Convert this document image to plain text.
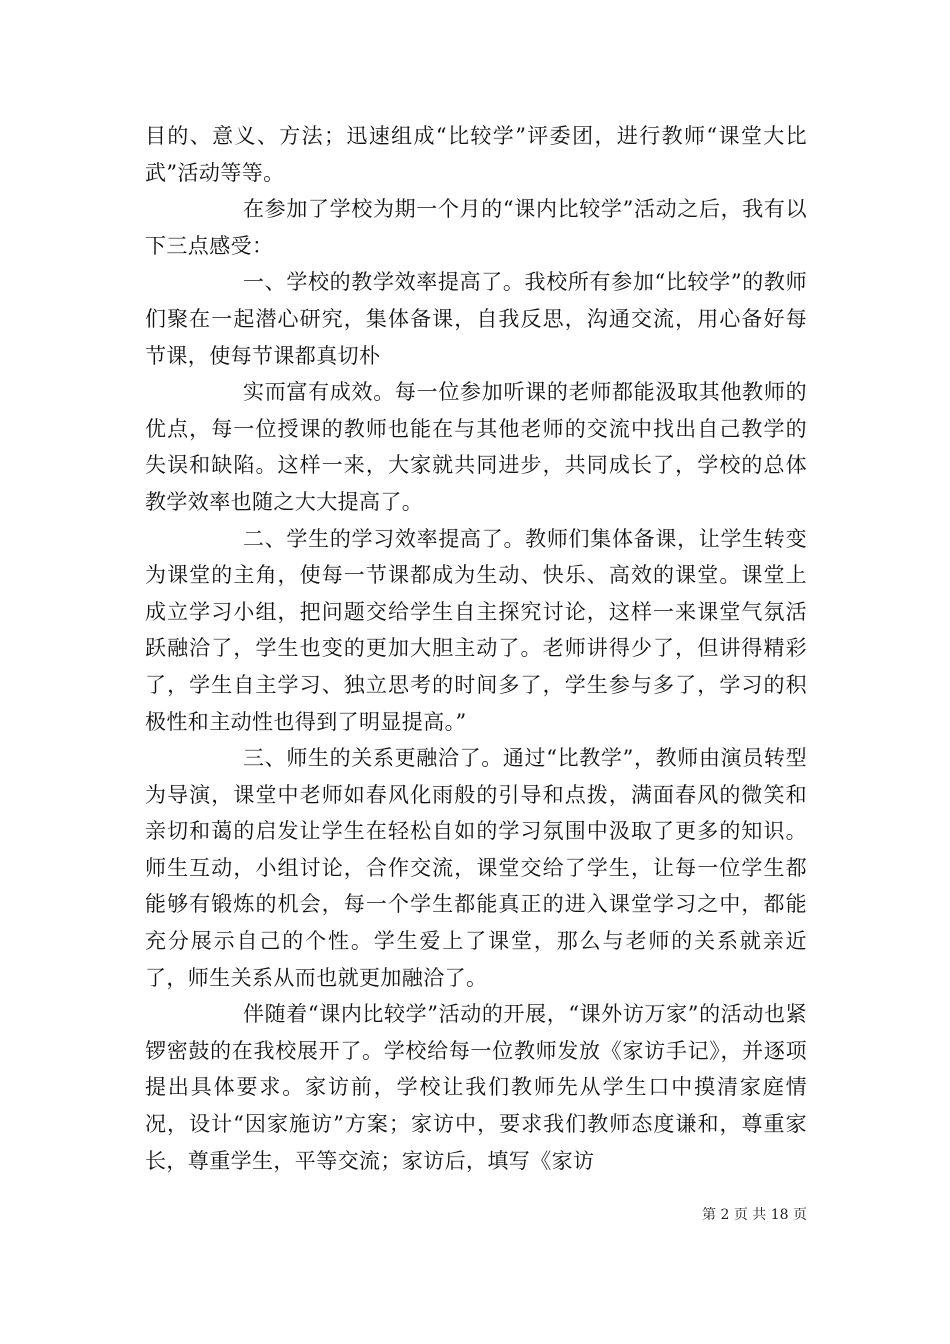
目的、意义、方法；迅速组成“比较学”评委团，进行教师“课堂大比武”活动等等。

在参加了学校为期一个月的“课内比较学”活动之后，我有以下三点感受：

一、学校的教学效率提高了。我校所有参加“比较学”的教师们聚在一起潜心研究，集体备课，自我反思，沟通交流，用心备好每节课，使每节课都真切朴

实而富有成效。每一位参加听课的老师都能汲取其他教师的优点，每一位授课的教师也能在与其他老师的交流中找出自己教学的失误和缺陷。这样一来，大家就共同进步，共同成长了，学校的总体教学效率也随之大大提高了。

二、学生的学习效率提高了。教师们集体备课，让学生转变为课堂的主角，使每一节课都成为生动、快乐、高效的课堂。课堂上成立学习小组，把问题交给学生自主探究讨论，这样一来课堂气氛活跃融洽了，学生也变的更加大胆主动了。老师讲得少了，但讲得精彩了，学生自主学习、独立思考的时间多了，学生参与多了，学习的积极性和主动性也得到了明显提高。”

三、师生的关系更融洽了。通过“比教学”，教师由演员转型为导演，课堂中老师如春风化雨般的引导和点拨，满面春风的微笑和亲切和蔼的启发让学生在轻松自如的学习氛围中汲取了更多的知识。师生互动，小组讨论，合作交流，课堂交给了学生，让每一位学生都能够有锻炼的机会，每一个学生都能真正的进入课堂学习之中，都能充分展示自己的个性。学生爱上了课堂，那么与老师的关系就亲近了，师生关系从而也就更加融洽了。

伴随着“课内比较学”活动的开展，“课外访万家”的活动也紧锣密鼓的在我校展开了。学校给每一位教师发放《家访手记》，并逐项提出具体要求。家访前，学校让我们教师先从学生口中摸清家庭情况，设计“因家施访”方案；家访中，要求我们教师态度谦和，尊重家长，尊重学生，平等交流；家访后，填写《家访

第 2 页 共 18 页
